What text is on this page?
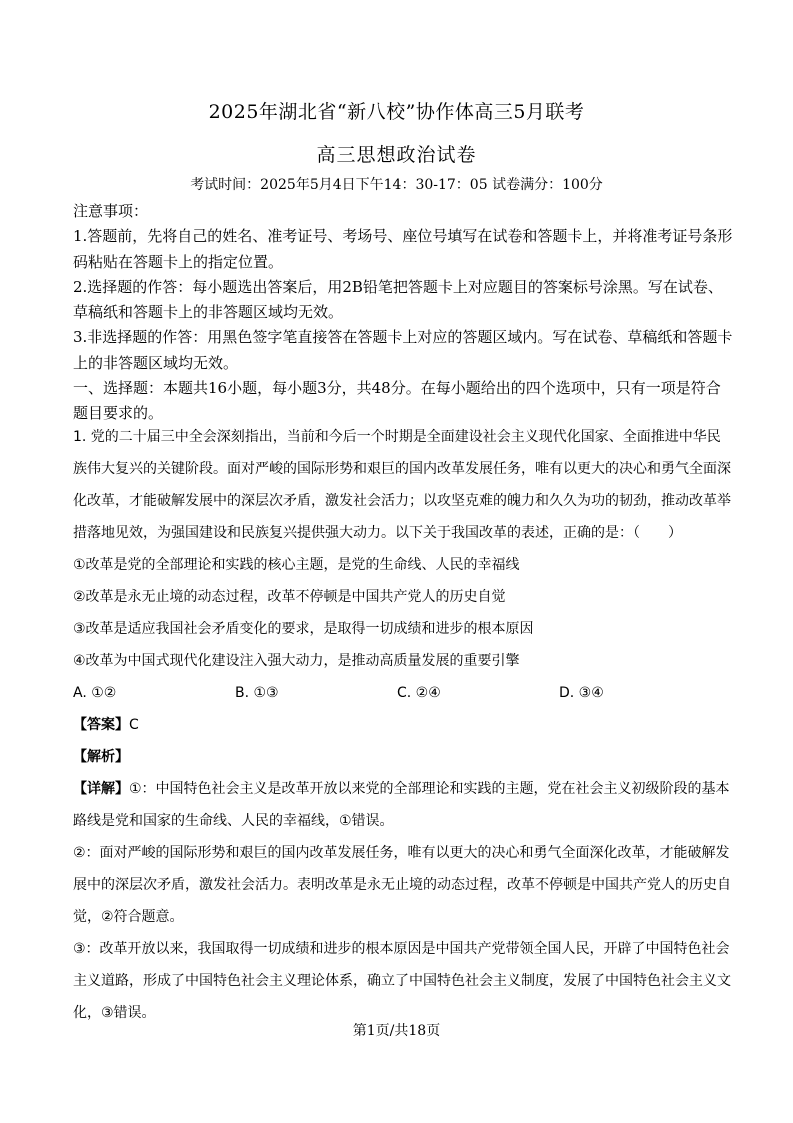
2025年湖北省“新八校”协作体高三5月联考
高三思想政治试卷
考试时间：2025年5月4日下午14：30-17：05 试卷满分：100分

注意事项：

1.答题前，先将自己的姓名、准考证号、考场号、座位号填写在试卷和答题卡上，并将准考证号条形码粘贴在答题卡上的指定位置。

2.选择题的作答：每小题选出答案后，用2B铅笔把答题卡上对应题目的答案标号涂黑。写在试卷、草稿纸和答题卡上的非答题区域均无效。

3.非选择题的作答：用黑色签字笔直接答在答题卡上对应的答题区域内。写在试卷、草稿纸和答题卡上的非答题区域均无效。

一、选择题：本题共16小题，每小题3分，共48分。在每小题给出的四个选项中，只有一项是符合题目要求的。

1. 党的二十届三中全会深刻指出，当前和今后一个时期是全面建设社会主义现代化国家、全面推进中华民族伟大复兴的关键阶段。面对严峻的国际形势和艰巨的国内改革发展任务，唯有以更大的决心和勇气全面深化改革，才能破解发展中的深层次矛盾，激发社会活力；以攻坚克难的魄力和久久为功的韧劲，推动改革举措落地见效，为强国建设和民族复兴提供强大动力。以下关于我国改革的表述，正确的是：（　　）

①改革是党的全部理论和实践的核心主题，是党的生命线、人民的幸福线

②改革是永无止境的动态过程，改革不停顿是中国共产党人的历史自觉

③改革是适应我国社会矛盾变化的要求，是取得一切成绩和进步的根本原因

④改革为中国式现代化建设注入强大动力，是推动高质量发展的重要引擎

A. ①②	B. ①③	C. ②④	D. ③④

【答案】C

【解析】

【详解】①：中国特色社会主义是改革开放以来党的全部理论和实践的主题，党在社会主义初级阶段的基本路线是党和国家的生命线、人民的幸福线，①错误。

②：面对严峻的国际形势和艰巨的国内改革发展任务，唯有以更大的决心和勇气全面深化改革，才能破解发展中的深层次矛盾，激发社会活力。表明改革是永无止境的动态过程，改革不停顿是中国共产党人的历史自觉，②符合题意。

③：改革开放以来，我国取得一切成绩和进步的根本原因是中国共产党带领全国人民，开辟了中国特色社会主义道路，形成了中国特色社会主义理论体系，确立了中国特色社会主义制度，发展了中国特色社会主义文化，③错误。

第1页/共18页
